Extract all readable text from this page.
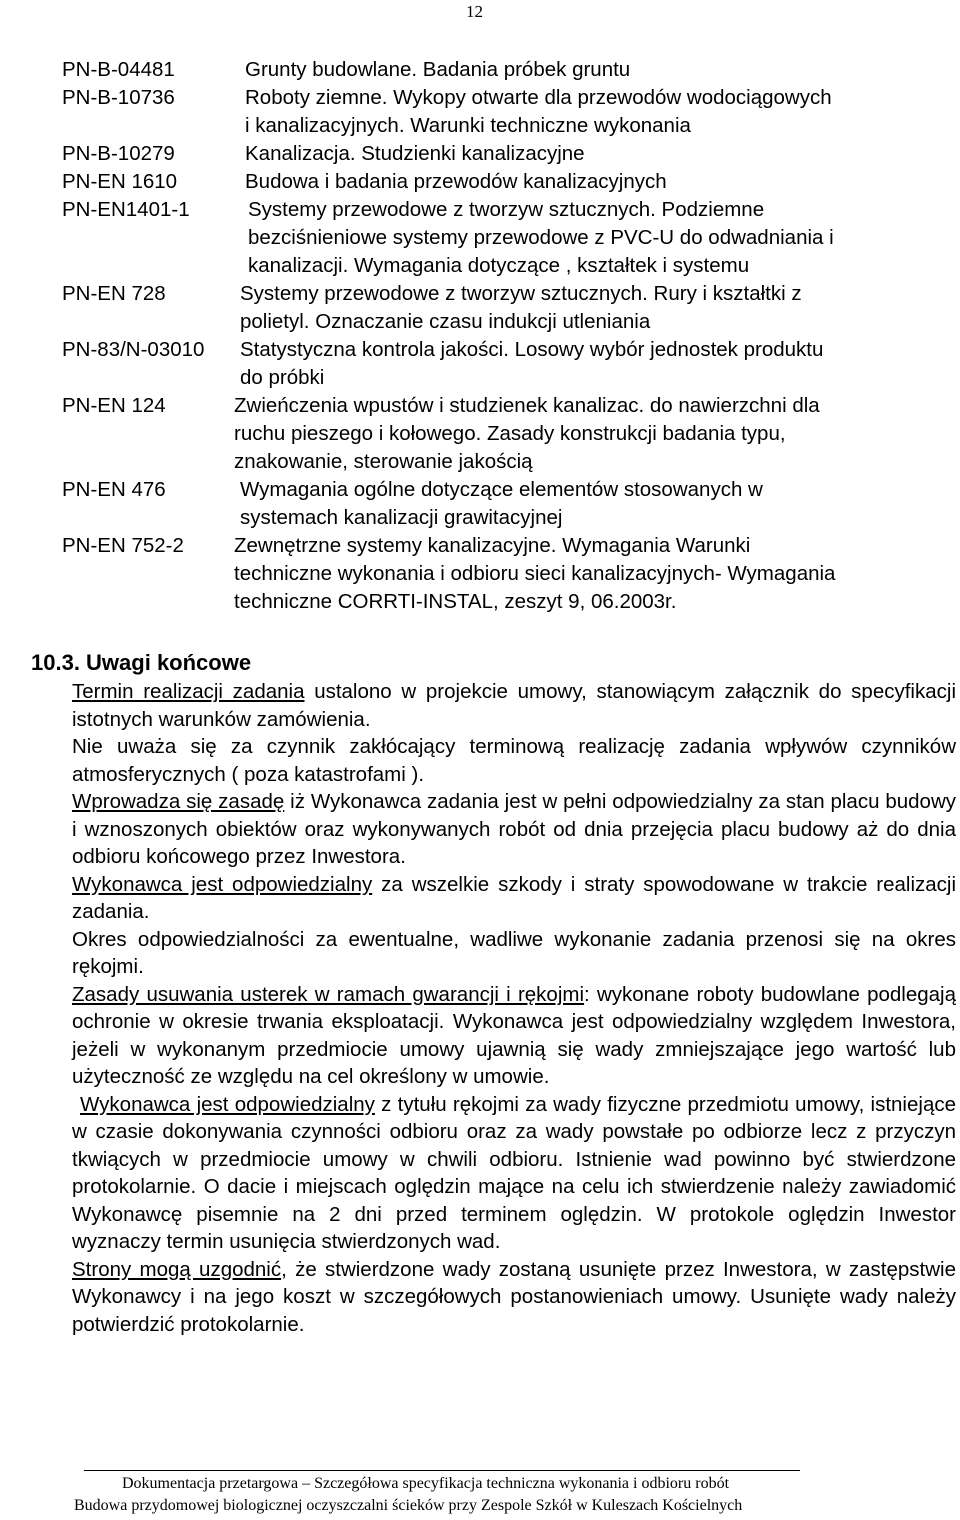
12
PN-B-04481	Grunty budowlane. Badania próbek gruntu
PN-B-10736	Roboty ziemne. Wykopy otwarte dla przewodów wodociągowych
i kanalizacyjnych. Warunki techniczne wykonania
PN-B-10279	Kanalizacja. Studzienki kanalizacyjne
PN-EN 1610	Budowa i badania przewodów kanalizacyjnych
PN-EN1401-1	Systemy przewodowe z tworzyw sztucznych. Podziemne
bezciśnieniowe systemy przewodowe z PVC-U do odwadniania i
kanalizacji. Wymagania dotyczące , kształtek i systemu
PN-EN 728	Systemy przewodowe z tworzyw sztucznych. Rury i kształtki z
polietyl. Oznaczanie czasu indukcji utleniania
PN-83/N-03010 Statystyczna kontrola jakości. Losowy wybór jednostek produktu
do próbki
PN-EN 124	Zwieńczenia wpustów i studzienek kanalizac. do nawierzchni dla
ruchu pieszego i kołowego. Zasady konstrukcji badania typu,
znakowanie, sterowanie jakością
PN-EN 476	Wymagania ogólne dotyczące elementów stosowanych w
systemach kanalizacji grawitacyjnej
PN-EN 752-2 Zewnętrzne systemy kanalizacyjne. Wymagania Warunki
techniczne wykonania i odbioru sieci kanalizacyjnych- Wymagania
techniczne CORRTI-INSTAL, zeszyt 9, 06.2003r.
10.3. Uwagi końcowe

Termin realizacji zadania ustalono w projekcie umowy, stanowiącym załącznik do specyfikacji istotnych warunków zamówienia.

Nie uważa się za czynnik zakłócający terminową realizację zadania wpływów czynników atmosferycznych ( poza katastrofami ).

Wprowadza się zasadę iż Wykonawca zadania jest w pełni odpowiedzialny za stan placu budowy i wznoszonych obiektów oraz wykonywanych robót od dnia przejęcia placu budowy aż do dnia odbioru końcowego przez Inwestora.

Wykonawca jest odpowiedzialny za wszelkie szkody i straty spowodowane w trakcie realizacji zadania.

Okres odpowiedzialności za ewentualne, wadliwe wykonanie zadania przenosi się na okres rękojmi.

Zasady usuwania usterek w ramach gwarancji i rękojmi: wykonane roboty budowlane podlegają ochronie w okresie trwania eksploatacji. Wykonawca jest odpowiedzialny względem Inwestora, jeżeli w wykonanym przedmiocie umowy ujawnią się wady zmniejszające jego wartość lub użyteczność ze względu na cel określony w umowie.

Wykonawca jest odpowiedzialny z tytułu rękojmi za wady fizyczne przedmiotu umowy, istniejące w czasie dokonywania czynności odbioru oraz za wady powstałe po odbiorze lecz z przyczyn tkwiących w przedmiocie umowy w chwili odbioru. Istnienie wad powinno być stwierdzone protokolarnie. O dacie i miejscach oględzin mające na celu ich stwierdzenie należy zawiadomić Wykonawcę pisemnie na 2 dni przed terminem oględzin. W protokole oględzin Inwestor wyznaczy termin usunięcia stwierdzonych wad.

Strony mogą uzgodnić, że stwierdzone wady zostaną usunięte przez Inwestora, w zastępstwie Wykonawcy i na jego koszt w szczegółowych postanowieniach umowy. Usunięte wady należy potwierdzić protokolarnie.

Dokumentacja przetargowa – Szczegółowa specyfikacja techniczna wykonania i odbioru robót
Budowa przydomowej biologicznej oczyszczalni ścieków przy Zespole Szkół w Kuleszach Kościelnych
